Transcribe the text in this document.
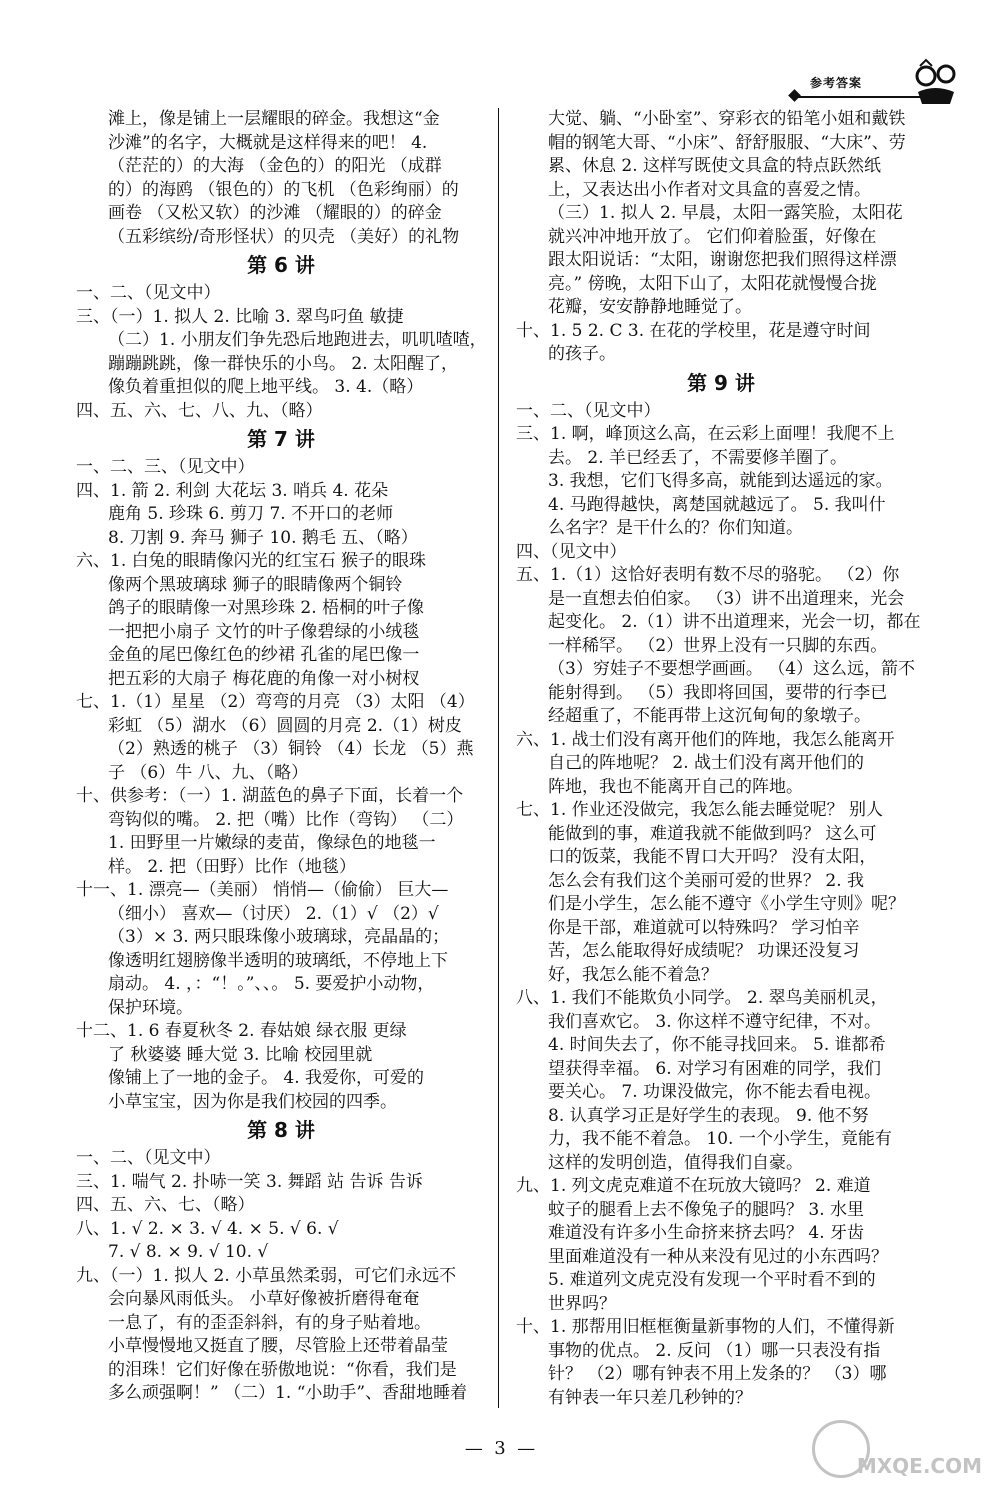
参考答案
滩上，像是铺上一层耀眼的碎金。我想这“金
沙滩”的名字，大概就是这样得来的吧！ 4.
（茫茫的）的大海 （金色的）的阳光 （成群
的）的海鸥 （银色的）的飞机 （色彩绚丽）的
画卷 （又松又软）的沙滩 （耀眼的）的碎金
（五彩缤纷/奇形怪状）的贝壳 （美好）的礼物
第 6 讲
一、二、（见文中）
三、（一）1. 拟人 2. 比喻 3. 翠鸟叼鱼 敏捷
（二）1. 小朋友们争先恐后地跑进去，叽叽喳喳，
蹦蹦跳跳，像一群快乐的小鸟。 2. 太阳醒了，
像负着重担似的爬上地平线。 3. 4.（略）
四、五、六、七、八、九、（略）
第 7 讲
一、二、三、（见文中）
四、1. 箭 2. 利剑 大花坛 3. 哨兵 4. 花朵
鹿角 5. 珍珠 6. 剪刀 7. 不开口的老师
8. 刀割 9. 奔马 狮子 10. 鹅毛 五、（略）
六、1. 白兔的眼睛像闪光的红宝石 猴子的眼珠
像两个黑玻璃球 狮子的眼睛像两个铜铃
鸽子的眼睛像一对黑珍珠 2. 梧桐的叶子像
一把把小扇子 文竹的叶子像碧绿的小绒毯
金鱼的尾巴像红色的纱裙 孔雀的尾巴像一
把五彩的大扇子 梅花鹿的角像一对小树杈
七、1.（1）星星 （2）弯弯的月亮 （3）太阳 （4）
彩虹 （5）湖水 （6）圆圆的月亮 2.（1）树皮
（2）熟透的桃子 （3）铜铃 （4）长龙 （5）燕
子 （6）牛 八、九、（略）
十、供参考：（一）1. 湖蓝色的鼻子下面，长着一个
弯钩似的嘴。 2. 把（嘴）比作（弯钩） （二）
1. 田野里一片嫩绿的麦苗，像绿色的地毯一
样。 2. 把（田野）比作（地毯）
十一、1. 漂亮—（美丽） 悄悄—（偷偷） 巨大—
（细小） 喜欢—（讨厌） 2.（1）√ （2）√
（3）× 3. 两只眼珠像小玻璃球，亮晶晶的；
像透明红翅膀像半透明的玻璃纸，不停地上下
扇动。 4. ，：“！。”、、。 5. 要爱护小动物，
保护环境。
十二、1. 6 春夏秋冬 2. 春姑娘 绿衣服 更绿
了 秋婆婆 睡大觉 3. 比喻 校园里就
像铺上了一地的金子。 4. 我爱你，可爱的
小草宝宝，因为你是我们校园的四季。
第 8 讲
一、二、（见文中）
三、1. 喘气 2. 扑哧一笑 3. 舞蹈 站 告诉 告诉
四、五、六、七、（略）
八、1. √ 2. × 3. √ 4. × 5. √ 6. √
7. √ 8. × 9. √ 10. √
九、（一）1. 拟人 2. 小草虽然柔弱，可它们永远不
会向暴风雨低头。 小草好像被折磨得奄奄
一息了，有的歪歪斜斜，有的身子贴着地。
小草慢慢地又挺直了腰，尽管脸上还带着晶莹
的泪珠！它们好像在骄傲地说：“你看，我们是
多么顽强啊！” （二）1. “小助手”、香甜地睡着
大觉、躺、“小卧室”、穿彩衣的铅笔小姐和戴铁
帽的钢笔大哥、“小床”、舒舒服服、“大床”、劳
累、休息 2. 这样写既使文具盒的特点跃然纸
上，又表达出小作者对文具盒的喜爱之情。
（三）1. 拟人 2. 早晨，太阳一露笑脸，太阳花
就兴冲冲地开放了。 它们仰着脸蛋，好像在
跟太阳说话：“太阳，谢谢您把我们照得这样漂
亮。” 傍晚，太阳下山了，太阳花就慢慢合拢
花瓣，安安静静地睡觉了。
十、1. 5 2. C 3. 在花的学校里，花是遵守时间
的孩子。
第 9 讲
一、二、（见文中）
三、1. 啊，峰顶这么高，在云彩上面哩！我爬不上
去。 2. 羊已经丢了，不需要修羊圈了。
3. 我想，它们飞得多高，就能到达遥远的家。
4. 马跑得越快，离楚国就越远了。 5. 我叫什
么名字？是干什么的？你们知道。
四、（见文中）
五、1.（1）这恰好表明有数不尽的骆驼。 （2）你
是一直想去伯伯家。 （3）讲不出道理来，光会
起变化。 2.（1）讲不出道理来，光会一切，都在
一样稀罕。 （2）世界上没有一只脚的东西。
（3）穷娃子不要想学画画。 （4）这么远，箭不
能射得到。 （5）我即将回国，要带的行李已
经超重了，不能再带上这沉甸甸的象墩子。
六、1. 战士们没有离开他们的阵地，我怎么能离开
自己的阵地呢？ 2. 战士们没有离开他们的
阵地，我也不能离开自己的阵地。
七、1. 作业还没做完，我怎么能去睡觉呢？ 别人
能做到的事，难道我就不能做到吗？ 这么可
口的饭菜，我能不胃口大开吗？ 没有太阳，
怎么会有我们这个美丽可爱的世界？ 2. 我
们是小学生，怎么能不遵守《小学生守则》呢？
你是干部，难道就可以特殊吗？ 学习怕辛
苦，怎么能取得好成绩呢？ 功课还没复习
好，我怎么能不着急？
八、1. 我们不能欺负小同学。 2. 翠鸟美丽机灵，
我们喜欢它。 3. 你这样不遵守纪律，不对。
4. 时间失去了，你不能寻找回来。 5. 谁都希
望获得幸福。 6. 对学习有困难的同学，我们
要关心。 7. 功课没做完，你不能去看电视。
8. 认真学习正是好学生的表现。 9. 他不努
力，我不能不着急。 10. 一个小学生，竟能有
这样的发明创造，值得我们自豪。
九、1. 列文虎克难道不在玩放大镜吗？ 2. 难道
蚊子的腿看上去不像兔子的腿吗？ 3. 水里
难道没有许多小生命挤来挤去吗？ 4. 牙齿
里面难道没有一种从来没有见过的小东西吗？
5. 难道列文虎克没有发现一个平时看不到的
世界吗？
十、1. 那帮用旧框框衡量新事物的人们，不懂得新
事物的优点。 2. 反问 （1）哪一只表没有指
针？ （2）哪有钟表不用上发条的？ （3）哪
有钟表一年只差几秒钟的？
—  3  —
MXQE.COM
